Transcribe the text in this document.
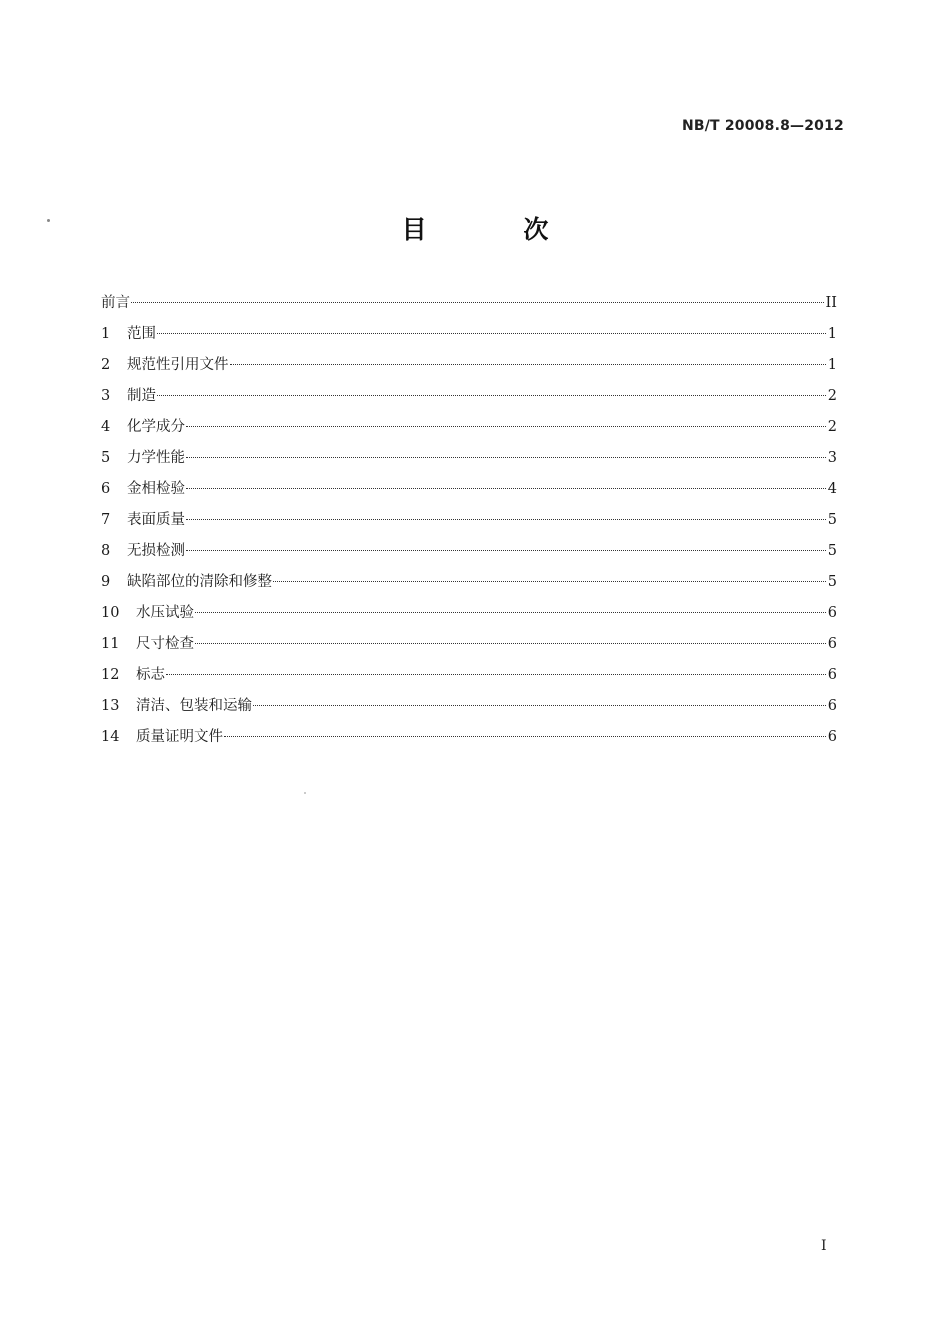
NB/T 20008.8—2012
目 次
前言	II
1	范围	1
2	规范性引用文件	1
3	制造	2
4	化学成分	2
5	力学性能	3
6	金相检验	4
7	表面质量	5
8	无损检测	5
9	缺陷部位的清除和修整	5
10	水压试验	6
11	尺寸检查	6
12	标志	6
13	清洁、包装和运输	6
14	质量证明文件	6
I
